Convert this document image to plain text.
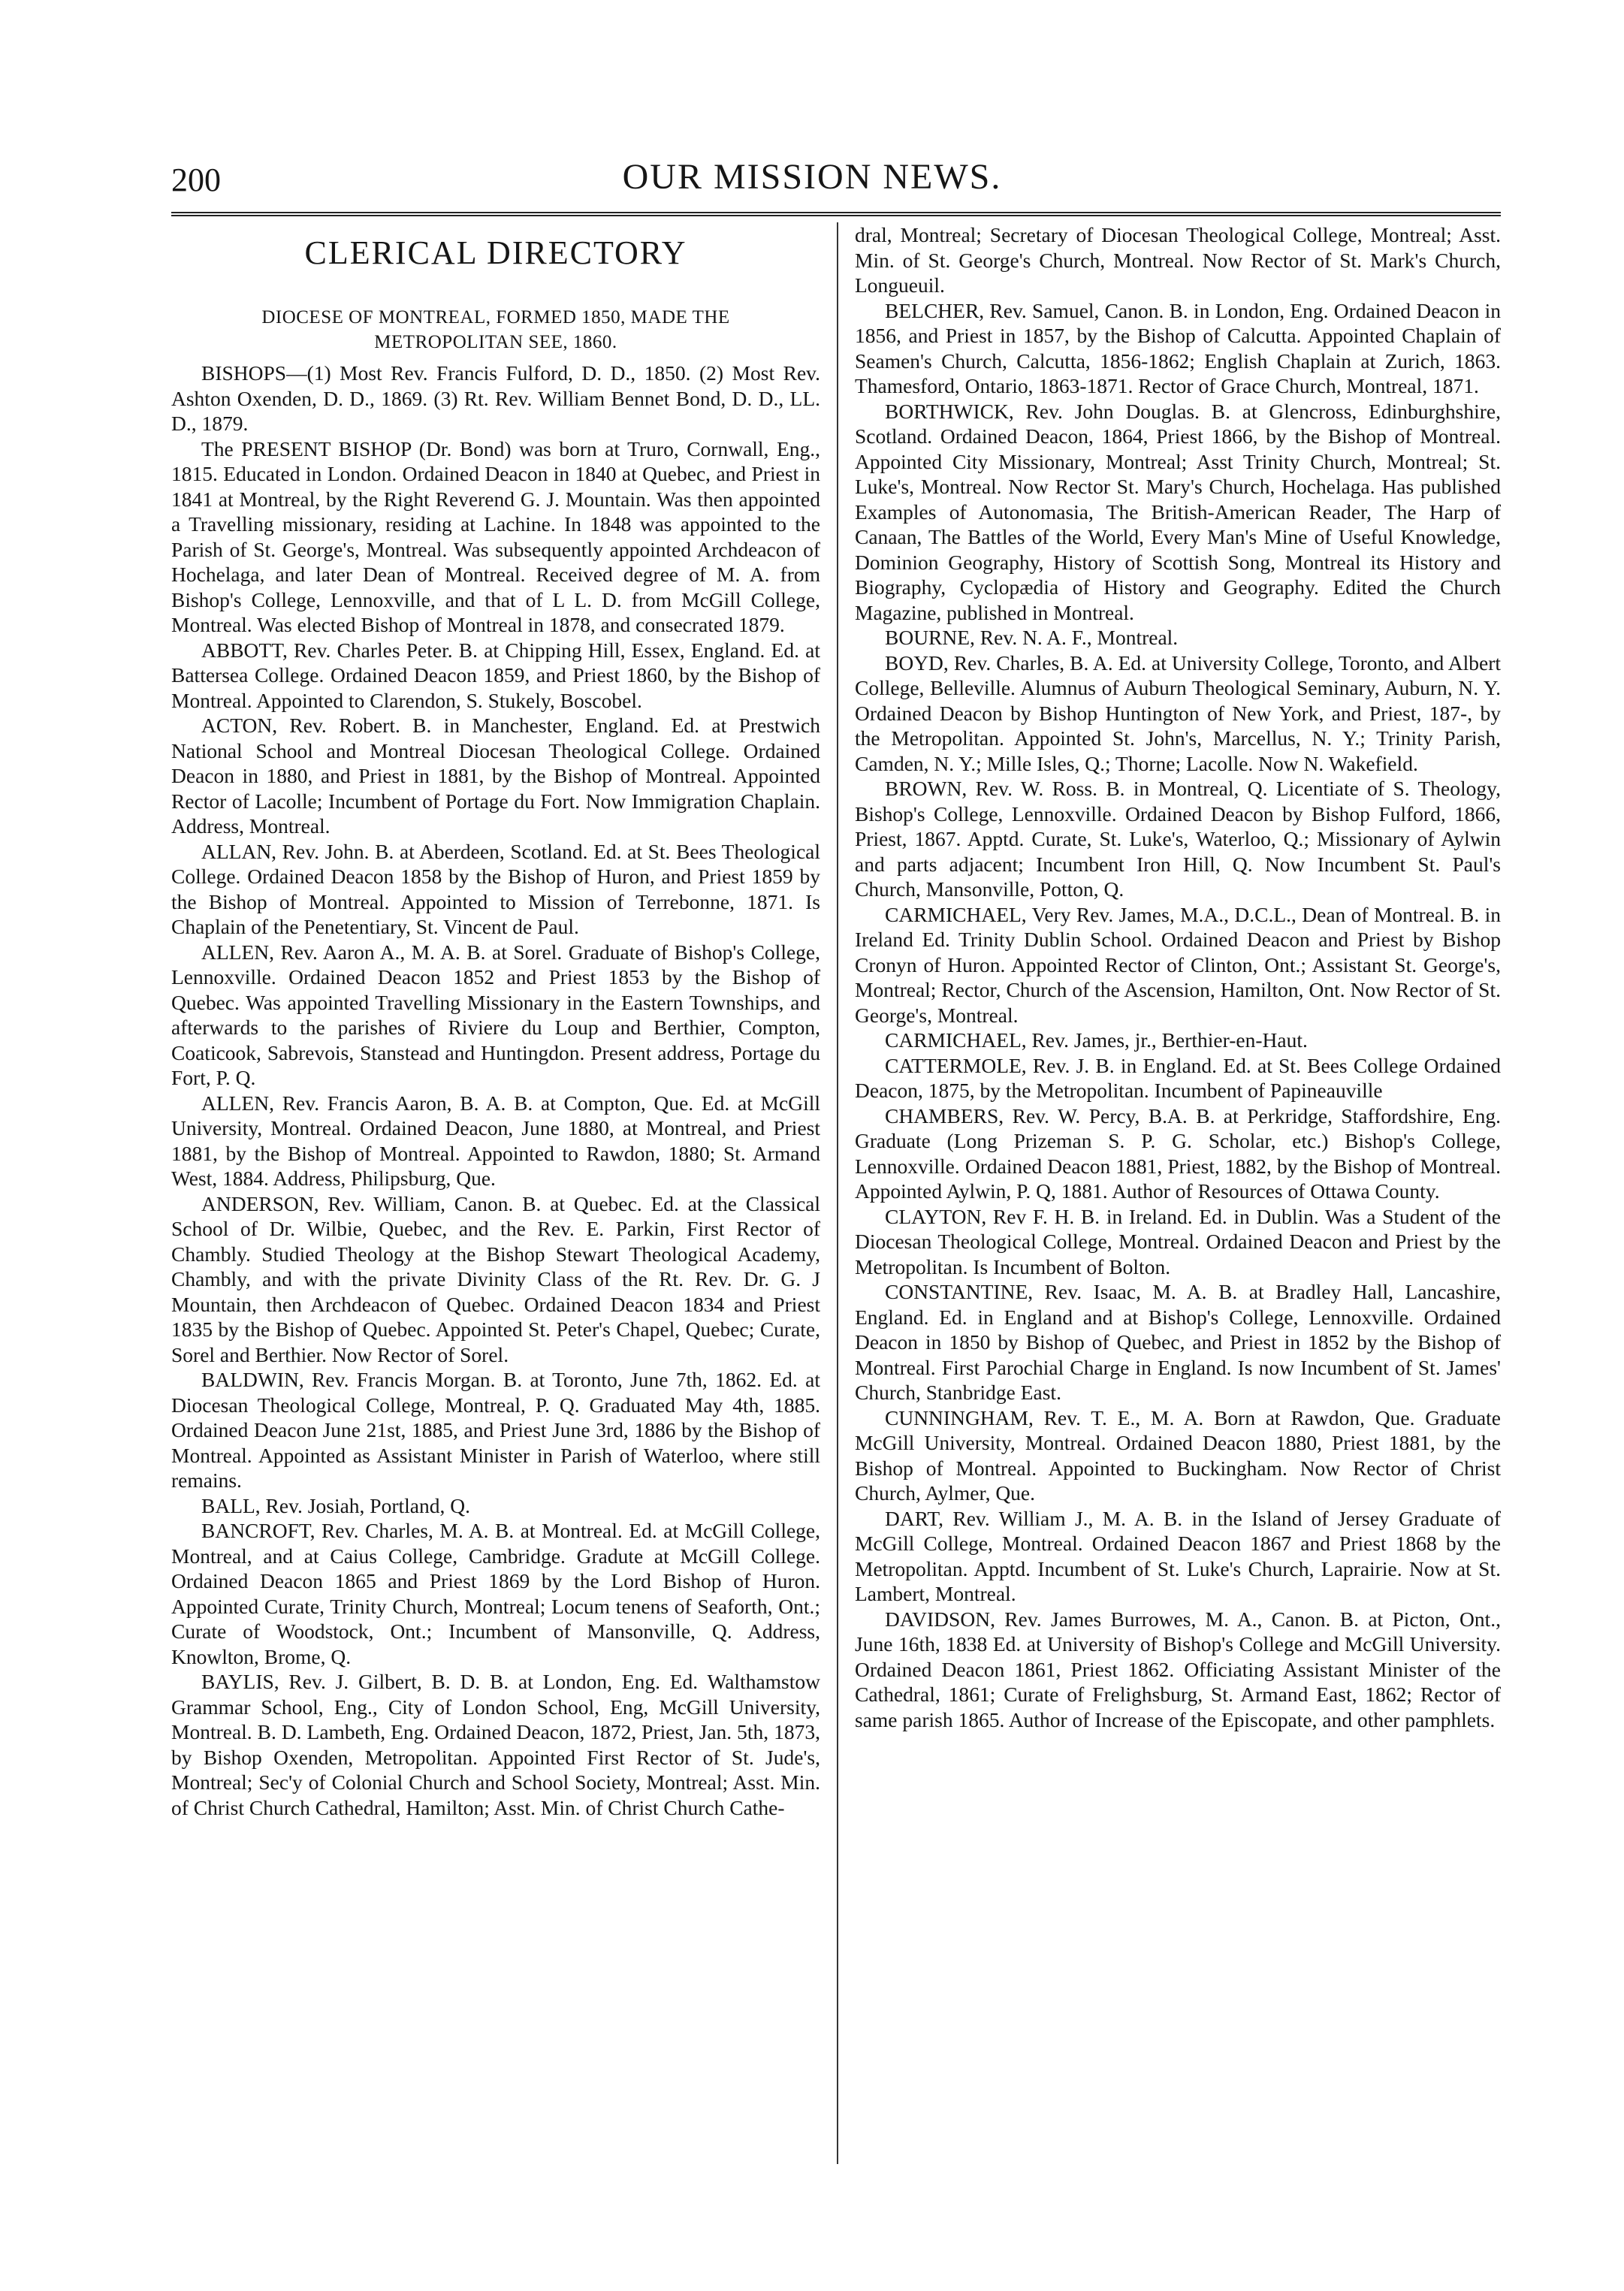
200	OUR MISSION NEWS.
CLERICAL DIRECTORY
DIOCESE OF MONTREAL, FORMED 1850, MADE THE
METROPOLITAN SEE, 1860.

BISHOPS—(1) Most Rev. Francis Fulford, D. D., 1850. (2) Most Rev. Ashton Oxenden, D. D., 1869. (3) Rt. Rev. William Bennet Bond, D. D., LL. D., 1879.

The PRESENT BISHOP (Dr. Bond) was born at Truro, Cornwall, Eng., 1815. Educated in London. Ordained Deacon in 1840 at Quebec, and Priest in 1841 at Montreal, by the Right Reverend G. J. Mountain. Was then appointed a Travelling missionary, residing at Lachine. In 1848 was appointed to the Parish of St. George's, Montreal. Was subsequently appointed Archdeacon of Hochelaga, and later Dean of Montreal. Received degree of M. A. from Bishop's College, Lennoxville, and that of L L. D. from McGill College, Montreal. Was elected Bishop of Montreal in 1878, and consecrated 1879.

ABBOTT, Rev. Charles Peter. B. at Chipping Hill, Essex, England. Ed. at Battersea College. Ordained Deacon 1859, and Priest 1860, by the Bishop of Montreal. Appointed to Clarendon, S. Stukely, Boscobel.

ACTON, Rev. Robert. B. in Manchester, England. Ed. at Prestwich National School and Montreal Diocesan Theological College. Ordained Deacon in 1880, and Priest in 1881, by the Bishop of Montreal. Appointed Rector of Lacolle; Incumbent of Portage du Fort. Now Immigration Chaplain. Address, Montreal.

ALLAN, Rev. John. B. at Aberdeen, Scotland. Ed. at St. Bees Theological College. Ordained Deacon 1858 by the Bishop of Huron, and Priest 1859 by the Bishop of Montreal. Appointed to Mission of Terrebonne, 1871. Is Chaplain of the Penetentiary, St. Vincent de Paul.

ALLEN, Rev. Aaron A., M. A. B. at Sorel. Graduate of Bishop's College, Lennoxville. Ordained Deacon 1852 and Priest 1853 by the Bishop of Quebec. Was appointed Travelling Missionary in the Eastern Townships, and afterwards to the parishes of Riviere du Loup and Berthier, Compton, Coaticook, Sabrevois, Stanstead and Huntingdon. Present address, Portage du Fort, P. Q.

ALLEN, Rev. Francis Aaron, B. A. B. at Compton, Que. Ed. at McGill University, Montreal. Ordained Deacon, June 1880, at Montreal, and Priest 1881, by the Bishop of Montreal. Appointed to Rawdon, 1880; St. Armand West, 1884. Address, Philipsburg, Que.

ANDERSON, Rev. William, Canon. B. at Quebec. Ed. at the Classical School of Dr. Wilbie, Quebec, and the Rev. E. Parkin, First Rector of Chambly. Studied Theology at the Bishop Stewart Theological Academy, Chambly, and with the private Divinity Class of the Rt. Rev. Dr. G. J Mountain, then Archdeacon of Quebec. Ordained Deacon 1834 and Priest 1835 by the Bishop of Quebec. Appointed St. Peter's Chapel, Quebec; Curate, Sorel and Berthier. Now Rector of Sorel.

BALDWIN, Rev. Francis Morgan. B. at Toronto, June 7th, 1862. Ed. at Diocesan Theological College, Montreal, P. Q. Graduated May 4th, 1885. Ordained Deacon June 21st, 1885, and Priest June 3rd, 1886 by the Bishop of Montreal. Appointed as Assistant Minister in Parish of Waterloo, where still remains.

BALL, Rev. Josiah, Portland, Q.

BANCROFT, Rev. Charles, M. A. B. at Montreal. Ed. at McGill College, Montreal, and at Caius College, Cambridge. Gradute at McGill College. Ordained Deacon 1865 and Priest 1869 by the Lord Bishop of Huron. Appointed Curate, Trinity Church, Montreal; Locum tenens of Seaforth, Ont.; Curate of Woodstock, Ont.; Incumbent of Mansonville, Q. Address, Knowlton, Brome, Q.

BAYLIS, Rev. J. Gilbert, B. D. B. at London, Eng. Ed. Walthamstow Grammar School, Eng., City of London School, Eng, McGill University, Montreal. B. D. Lambeth, Eng. Ordained Deacon, 1872, Priest, Jan. 5th, 1873, by Bishop Oxenden, Metropolitan. Appointed First Rector of St. Jude's, Montreal; Sec'y of Colonial Church and School Society, Montreal; Asst. Min. of Christ Church Cathedral, Hamilton; Asst. Min. of Christ Church Cathe-

dral, Montreal; Secretary of Diocesan Theological College, Montreal; Asst. Min. of St. George's Church, Montreal. Now Rector of St. Mark's Church, Longueuil.

BELCHER, Rev. Samuel, Canon. B. in London, Eng. Ordained Deacon in 1856, and Priest in 1857, by the Bishop of Calcutta. Appointed Chaplain of Seamen's Church, Calcutta, 1856-1862; English Chaplain at Zurich, 1863. Thamesford, Ontario, 1863-1871. Rector of Grace Church, Montreal, 1871.

BORTHWICK, Rev. John Douglas. B. at Glencross, Edinburghshire, Scotland. Ordained Deacon, 1864, Priest 1866, by the Bishop of Montreal. Appointed City Missionary, Montreal; Asst Trinity Church, Montreal; St. Luke's, Montreal. Now Rector St. Mary's Church, Hochelaga. Has published Examples of Autonomasia, The British-American Reader, The Harp of Canaan, The Battles of the World, Every Man's Mine of Useful Knowledge, Dominion Geography, History of Scottish Song, Montreal its History and Biography, Cyclopædia of History and Geography. Edited the Church Magazine, published in Montreal.

BOURNE, Rev. N. A. F., Montreal.

BOYD, Rev. Charles, B. A. Ed. at University College, Toronto, and Albert College, Belleville. Alumnus of Auburn Theological Seminary, Auburn, N. Y. Ordained Deacon by Bishop Huntington of New York, and Priest, 187-, by the Metropolitan. Appointed St. John's, Marcellus, N. Y.; Trinity Parish, Camden, N. Y.; Mille Isles, Q.; Thorne; Lacolle. Now N. Wakefield.

BROWN, Rev. W. Ross. B. in Montreal, Q. Licentiate of S. Theology, Bishop's College, Lennoxville. Ordained Deacon by Bishop Fulford, 1866, Priest, 1867. Apptd. Curate, St. Luke's, Waterloo, Q.; Missionary of Aylwin and parts adjacent; Incumbent Iron Hill, Q. Now Incumbent St. Paul's Church, Mansonville, Potton, Q.

CARMICHAEL, Very Rev. James, M.A., D.C.L., Dean of Montreal. B. in Ireland Ed. Trinity Dublin School. Ordained Deacon and Priest by Bishop Cronyn of Huron. Appointed Rector of Clinton, Ont.; Assistant St. George's, Montreal; Rector, Church of the Ascension, Hamilton, Ont. Now Rector of St. George's, Montreal.

CARMICHAEL, Rev. James, jr., Berthier-en-Haut.

CATTERMOLE, Rev. J. B. in England. Ed. at St. Bees College Ordained Deacon, 1875, by the Metropolitan. Incumbent of Papineauville

CHAMBERS, Rev. W. Percy, B.A. B. at Perkridge, Staffordshire, Eng. Graduate (Long Prizeman S. P. G. Scholar, etc.) Bishop's College, Lennoxville. Ordained Deacon 1881, Priest, 1882, by the Bishop of Montreal. Appointed Aylwin, P. Q, 1881. Author of Resources of Ottawa County.

CLAYTON, Rev F. H. B. in Ireland. Ed. in Dublin. Was a Student of the Diocesan Theological College, Montreal. Ordained Deacon and Priest by the Metropolitan. Is Incumbent of Bolton.

CONSTANTINE, Rev. Isaac, M. A. B. at Bradley Hall, Lancashire, England. Ed. in England and at Bishop's College, Lennoxville. Ordained Deacon in 1850 by Bishop of Quebec, and Priest in 1852 by the Bishop of Montreal. First Parochial Charge in England. Is now Incumbent of St. James' Church, Stanbridge East.

CUNNINGHAM, Rev. T. E., M. A. Born at Rawdon, Que. Graduate McGill University, Montreal. Ordained Deacon 1880, Priest 1881, by the Bishop of Montreal. Appointed to Buckingham. Now Rector of Christ Church, Aylmer, Que.

DART, Rev. William J., M. A. B. in the Island of Jersey Graduate of McGill College, Montreal. Ordained Deacon 1867 and Priest 1868 by the Metropolitan. Apptd. Incumbent of St. Luke's Church, Laprairie. Now at St. Lambert, Montreal.

DAVIDSON, Rev. James Burrowes, M. A., Canon. B. at Picton, Ont., June 16th, 1838 Ed. at University of Bishop's College and McGill University. Ordained Deacon 1861, Priest 1862. Officiating Assistant Minister of the Cathedral, 1861; Curate of Frelighsburg, St. Armand East, 1862; Rector of same parish 1865. Author of Increase of the Episcopate, and other pamphlets.
